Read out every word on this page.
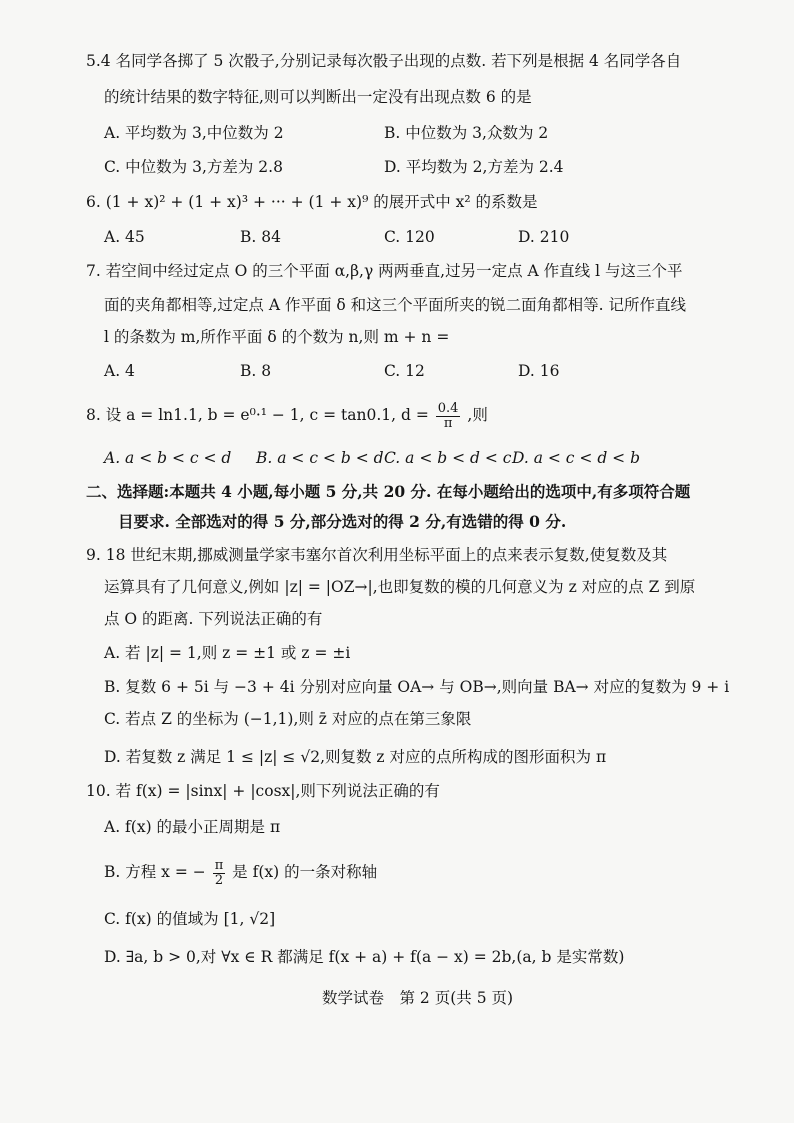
5.4 名同学各掷了 5 次骰子,分别记录每次骰子出现的点数. 若下列是根据 4 名同学各自
的统计结果的数字特征,则可以判断出一定没有出现点数 6 的是
A. 平均数为 3,中位数为 2	B. 中位数为 3,众数为 2
C. 中位数为 3,方差为 2.8	D. 平均数为 2,方差为 2.4
6. (1 + x)² + (1 + x)³ + ··· + (1 + x)⁹ 的展开式中 x² 的系数是
A. 45	B. 84	C. 120	D. 210
7. 若空间中经过定点 O 的三个平面 α,β,γ 两两垂直,过另一定点 A 作直线 l 与这三个平
面的夹角都相等,过定点 A 作平面 δ 和这三个平面所夹的锐二面角都相等. 记所作直线
l 的条数为 m,所作平面 δ 的个数为 n,则 m + n =
A. 4	B. 8	C. 12	D. 16
8. 设 a = ln1.1, b = e⁰·¹ − 1, c = tan0.1, $d = \frac{0.4}{\pi}$ ,则
A. a < b < c < d B. a < c < b < d C. a < b < d < c D. a < c < d < b
二、选择题:本题共 4 小题,每小题 5 分,共 20 分. 在每小题给出的选项中,有多项符合题
目要求. 全部选对的得 5 分,部分选对的得 2 分,有选错的得 0 分.
9. 18 世纪末期,挪威测量学家韦塞尔首次利用坐标平面上的点来表示复数,使复数及其
运算具有了几何意义,例如 |z| = |OZ→|,也即复数的模的几何意义为 z 对应的点 Z 到原
点 O 的距离. 下列说法正确的有
A. 若 |z| = 1,则 z = ±1 或 z = ±i
B. 复数 6 + 5i 与 −3 + 4i 分别对应向量 OA→ 与 OB→,则向量 BA→ 对应的复数为 9 + i
C. 若点 Z 的坐标为 (−1,1),则 z̄ 对应的点在第三象限
D. 若复数 z 满足 1 ≤ |z| ≤ √2,则复数 z 对应的点所构成的图形面积为 π
10. 若 f(x) = |sinx| + |cosx|,则下列说法正确的有
A. f(x) 的最小正周期是 π
B. 方程 x = − $\frac{\pi}{2}$ 是 f(x) 的一条对称轴
C. f(x) 的值域为 [1, √2]
D. ∃a, b > 0,对 ∀x ∈ R 都满足 f(x + a) + f(a − x) = 2b,(a, b 是实常数)
数学试卷　第 2 页(共 5 页)
